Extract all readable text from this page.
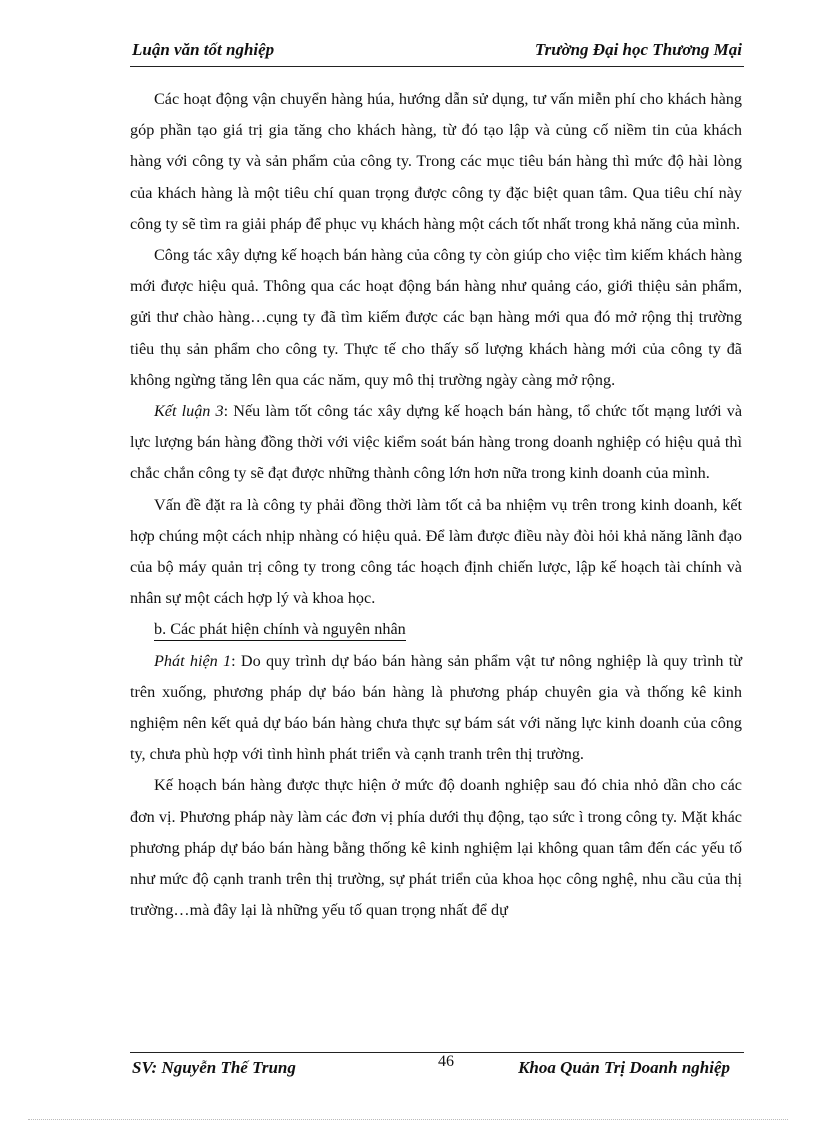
Luận văn tốt nghiệp	Trường Đại học Thương Mại

Các hoạt động vận chuyển hàng húa, hướng dẫn sử dụng, tư vấn miễn phí cho khách hàng góp phần tạo giá trị gia tăng cho khách hàng, từ đó tạo lập và củng cố niềm tin của khách hàng với công ty và sản phẩm của công ty. Trong các mục tiêu bán hàng thì mức độ hài lòng của khách hàng là một tiêu chí quan trọng được công ty đặc biệt quan tâm. Qua tiêu chí này công ty sẽ tìm ra giải pháp để phục vụ khách hàng một cách tốt nhất trong khả năng của mình.

Công tác xây dựng kế hoạch bán hàng của công ty còn giúp cho việc tìm kiếm khách hàng mới được hiệu quả. Thông qua các hoạt động bán hàng như quảng cáo, giới thiệu sản phẩm, gửi thư chào hàng…cụng ty đã tìm kiếm được các bạn hàng mới qua đó mở rộng thị trường tiêu thụ sản phẩm cho công ty. Thực tế cho thấy số lượng khách hàng mới của công ty đã không ngừng tăng lên qua các năm, quy mô thị trường ngày càng mở rộng.

Kết luận 3: Nếu làm tốt công tác xây dựng kế hoạch bán hàng, tổ chức tốt mạng lưới và lực lượng bán hàng đồng thời với việc kiểm soát bán hàng trong doanh nghiệp có hiệu quả thì chắc chắn công ty sẽ đạt được những thành công lớn hơn nữa trong kinh doanh của mình.

Vấn đề đặt ra là công ty phải đồng thời làm tốt cả ba nhiệm vụ trên trong kinh doanh, kết hợp chúng một cách nhịp nhàng có hiệu quả. Để làm được điều này đòi hỏi khả năng lãnh đạo của bộ máy quản trị công ty trong công tác hoạch định chiến lược, lập kế hoạch tài chính và nhân sự một cách hợp lý và khoa học.

b. Các phát hiện chính và nguyên nhân

Phát hiện 1: Do quy trình dự báo bán hàng sản phẩm vật tư nông nghiệp là quy trình từ trên xuống, phương pháp dự báo bán hàng là phương pháp chuyên gia và thống kê kinh nghiệm nên kết quả dự báo bán hàng chưa thực sự bám sát với năng lực kinh doanh của công ty, chưa phù hợp với tình hình phát triển và cạnh tranh trên thị trường.

Kế hoạch bán hàng được thực hiện ở mức độ doanh nghiệp sau đó chia nhỏ dần cho các đơn vị. Phương pháp này làm các đơn vị phía dưới thụ động, tạo sức ì trong công ty. Mặt khác phương pháp dự báo bán hàng bằng thống kê kinh nghiệm lại không quan tâm đến các yếu tố như mức độ cạnh tranh trên thị trường, sự phát triển của khoa học công nghệ, nhu cầu của thị trường…mà đây lại là những yếu tố quan trọng nhất để dự

SV: Nguyễn Thế Trung	46	Khoa Quản Trị Doanh nghiệp
